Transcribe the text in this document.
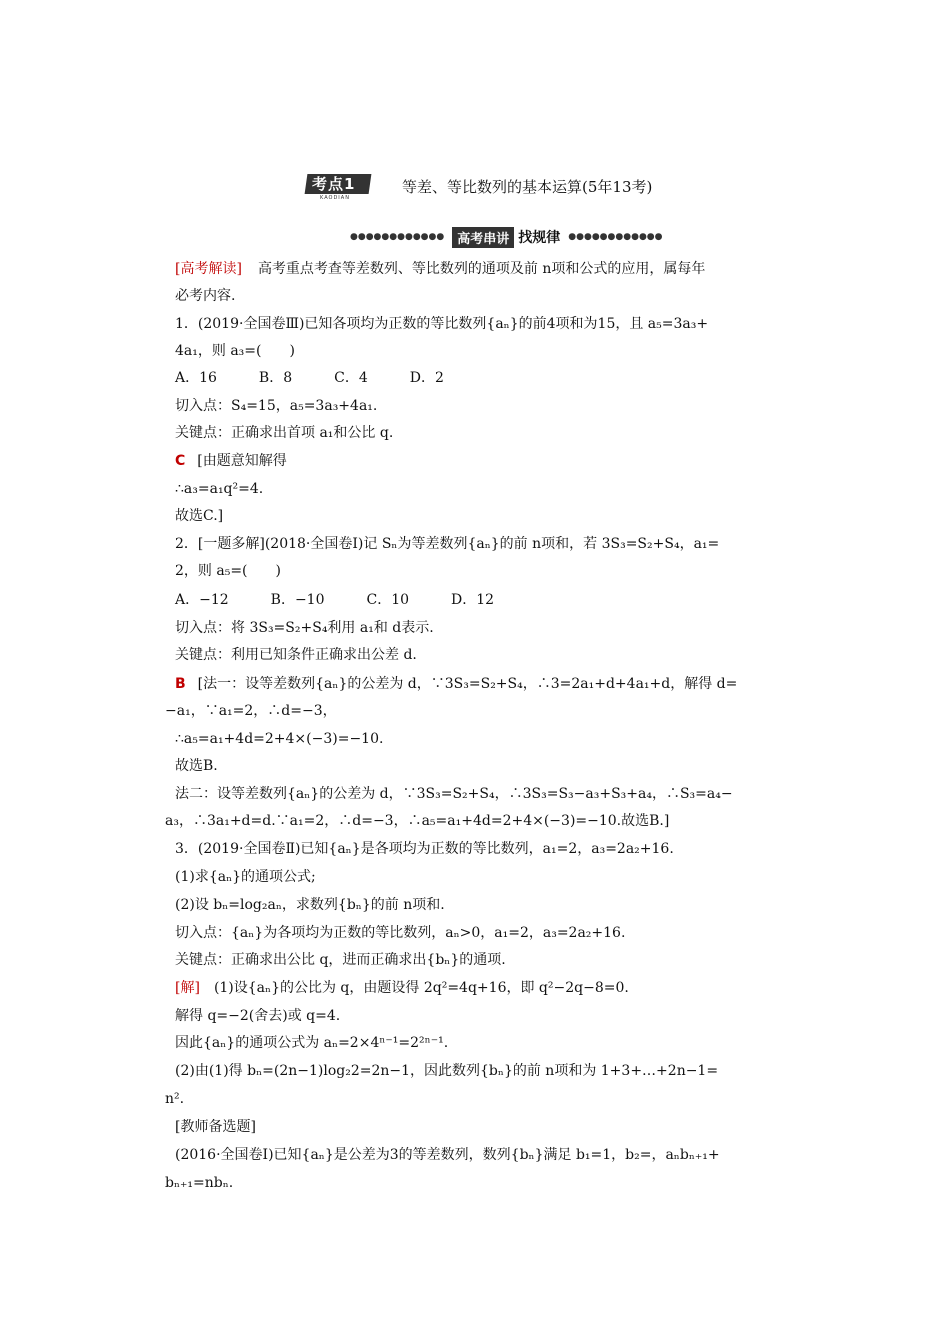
考点1
KAODIAN
等差、等比数列的基本运算(5年13考)
●●●●●●●●●●●●	高考串讲 找规律 ●●●●●●●●●●●●
[高考解读] 高考重点考查等差数列、等比数列的通项及前 n项和公式的应用，属每年
必考内容.
1．(2019·全国卷Ⅲ)已知各项均为正数的等比数列{aₙ}的前4项和为15，且 a₅=3a₃+
4a₁，则 a₃=(　　)
A．16　　　B．8　　　C．4　　　D．2
切入点：S₄=15，a₅=3a₃+4a₁.
关键点：正确求出首项 a₁和公比 q.
C [由题意知解得
∴a₃=a₁q²=4.
故选C.]
2．[一题多解](2018·全国卷Ⅰ)记 Sₙ为等差数列{aₙ}的前 n项和，若 3S₃=S₂+S₄，a₁=
2，则 a₅=(　　)
A．−12　　　B．−10　　　C．10　　　D．12
切入点：将 3S₃=S₂+S₄利用 a₁和 d表示.
关键点：利用已知条件正确求出公差 d.
B [法一：设等差数列{aₙ}的公差为 d，∵3S₃=S₂+S₄，∴3=2a₁+d+4a₁+d，解得 d=
−a₁，∵a₁=2，∴d=−3，
∴a₅=a₁+4d=2+4×(−3)=−10.
故选B.
法二：设等差数列{aₙ}的公差为 d，∵3S₃=S₂+S₄，∴3S₃=S₃−a₃+S₃+a₄，∴S₃=a₄−
a₃，∴3a₁+d=d.∵a₁=2，∴d=−3，∴a₅=a₁+4d=2+4×(−3)=−10.故选B.]
3．(2019·全国卷Ⅱ)已知{aₙ}是各项均为正数的等比数列，a₁=2，a₃=2a₂+16.
(1)求{aₙ}的通项公式;
(2)设 bₙ=log₂aₙ，求数列{bₙ}的前 n项和.
切入点：{aₙ}为各项均为正数的等比数列，aₙ>0，a₁=2，a₃=2a₂+16.
关键点：正确求出公比 q，进而正确求出{bₙ}的通项.
[解] (1)设{aₙ}的公比为 q，由题设得 2q²=4q+16，即 q²−2q−8=0.
解得 q=−2(舍去)或 q=4.
因此{aₙ}的通项公式为 aₙ=2×4ⁿ⁻¹=2²ⁿ⁻¹.
(2)由(1)得 bₙ=(2n−1)log₂2=2n−1，因此数列{bₙ}的前 n项和为 1+3+…+2n−1=
n².
[教师备选题]
(2016·全国卷Ⅰ)已知{aₙ}是公差为3的等差数列，数列{bₙ}满足 b₁=1，b₂=，aₙbₙ₊₁+
bₙ₊₁=nbₙ.
